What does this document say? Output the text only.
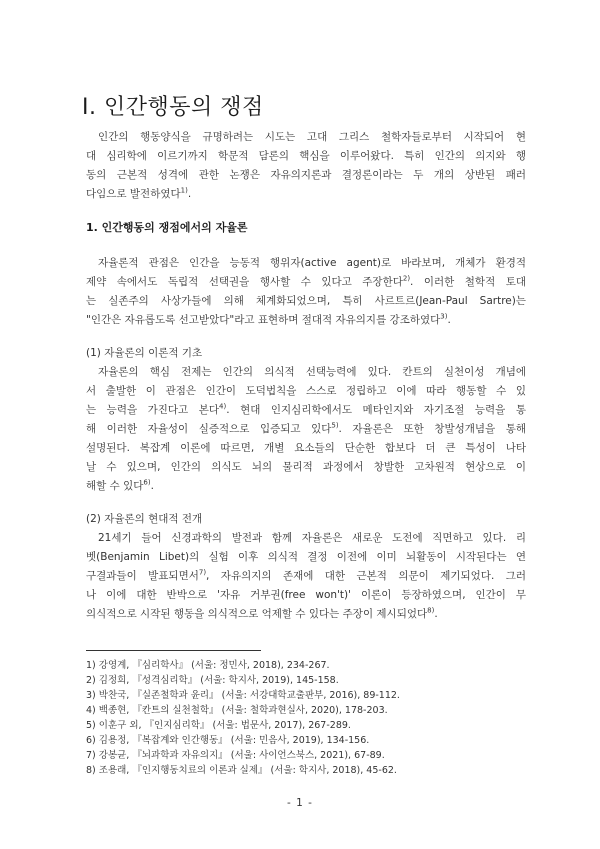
I. 인간행동의 쟁점
인간의 행동양식을 규명하려는 시도는 고대 그리스 철학자들로부터 시작되어 현
대 심리학에 이르기까지 학문적 담론의 핵심을 이루어왔다. 특히 인간의 의지와 행
동의 근본적 성격에 관한 논쟁은 자유의지론과 결정론이라는 두 개의 상반된 패러
다임으로 발전하였다$^{1)}$.
1. 인간행동의 쟁점에서의 자율론
자율론적 관점은 인간을 능동적 행위자(active agent)로 바라보며, 개체가 환경적
제약 속에서도 독립적 선택권을 행사할 수 있다고 주장한다$^{2)}$. 이러한 철학적 토대
는 실존주의 사상가들에 의해 체계화되었으며, 특히 사르트르(Jean-Paul Sartre)는
"인간은 자유롭도록 선고받았다"라고 표현하며 절대적 자유의지를 강조하였다$^{3)}$.
(1) 자율론의 이론적 기초
자율론의 핵심 전제는 인간의 의식적 선택능력에 있다. 칸트의 실천이성 개념에
서 출발한 이 관점은 인간이 도덕법칙을 스스로 정립하고 이에 따라 행동할 수 있
는 능력을 가진다고 본다$^{4)}$. 현대 인지심리학에서도 메타인지와 자기조절 능력을 통
해 이러한 자율성이 실증적으로 입증되고 있다$^{5)}$. 자율론은 또한 창발성개념을 통해
설명된다. 복잡계 이론에 따르면, 개별 요소들의 단순한 합보다 더 큰 특성이 나타
날 수 있으며, 인간의 의식도 뇌의 물리적 과정에서 창발한 고차원적 현상으로 이
해할 수 있다$^{6)}$.
(2) 자율론의 현대적 전개
21세기 들어 신경과학의 발전과 함께 자율론은 새로운 도전에 직면하고 있다. 리
벳(Benjamin Libet)의 실험 이후 의식적 결정 이전에 이미 뇌활동이 시작된다는 연
구결과들이 발표되면서$^{7)}$, 자유의지의 존재에 대한 근본적 의문이 제기되었다. 그러
나 이에 대한 반박으로 '자유 거부권(free won't)' 이론이 등장하였으며, 인간이 무
의식적으로 시작된 행동을 의식적으로 억제할 수 있다는 주장이 제시되었다$^{8)}$.
1) 강영계, 『심리학사』 (서울: 정민사, 2018), 234-267.
2) 김정희, 『성격심리학』 (서울: 학지사, 2019), 145-158.
3) 박찬국, 『실존철학과 윤리』 (서울: 서강대학교출판부, 2016), 89-112.
4) 백종현, 『칸트의 실천철학』 (서울: 철학과현실사, 2020), 178-203.
5) 이훈구 외, 『인지심리학』 (서울: 법문사, 2017), 267-289.
6) 김용정, 『복잡계와 인간행동』 (서울: 민음사, 2019), 134-156.
7) 강봉균, 『뇌과학과 자유의지』 (서울: 사이언스북스, 2021), 67-89.
8) 조용래, 『인지행동치료의 이론과 실제』 (서울: 학지사, 2018), 45-62.
- 1 -
